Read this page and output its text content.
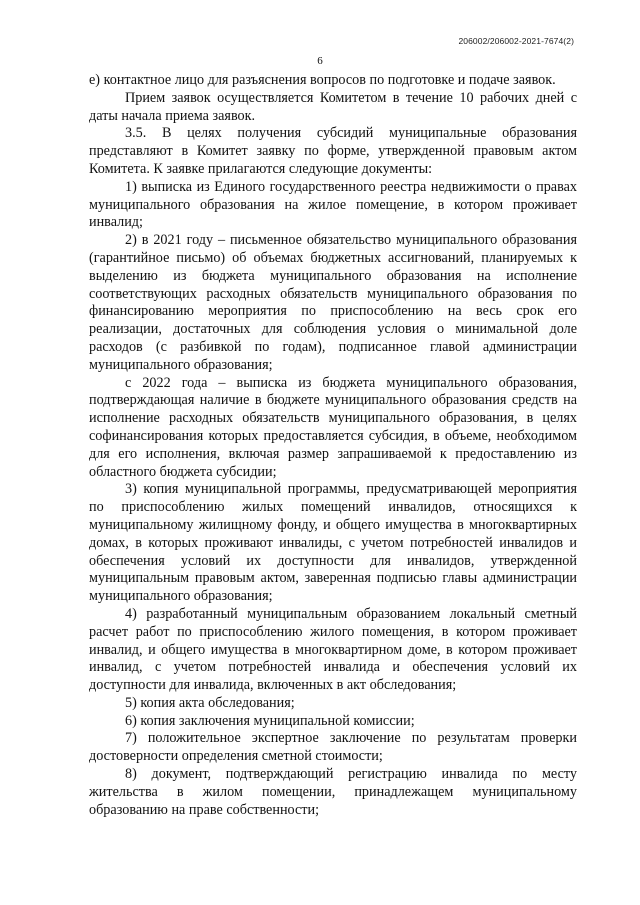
206002/206002-2021-7674(2)
6

е) контактное лицо для разъяснения вопросов по подготовке и подаче заявок.

Прием заявок осуществляется Комитетом в течение 10 рабочих дней с даты начала приема заявок.

3.5. В целях получения субсидий муниципальные образования представляют в Комитет заявку по форме, утвержденной правовым актом Комитета. К заявке прилагаются следующие документы:

1) выписка из Единого государственного реестра недвижимости о правах муниципального образования на жилое помещение, в котором проживает инвалид;

2) в 2021 году – письменное обязательство муниципального образования (гарантийное письмо) об объемах бюджетных ассигнований, планируемых к выделению из бюджета муниципального образования на исполнение соответствующих расходных обязательств муниципального образования по финансированию мероприятия по приспособлению на весь срок его реализации, достаточных для соблюдения условия о минимальной доле расходов (с разбивкой по годам), подписанное главой администрации муниципального образования;

с 2022 года – выписка из бюджета муниципального образования, подтверждающая наличие в бюджете муниципального образования средств на исполнение расходных обязательств муниципального образования, в целях софинансирования которых предоставляется субсидия, в объеме, необходимом для его исполнения, включая размер запрашиваемой к предоставлению из областного бюджета субсидии;

3) копия муниципальной программы, предусматривающей мероприятия по приспособлению жилых помещений инвалидов, относящихся к муниципальному жилищному фонду, и общего имущества в многоквартирных домах, в которых проживают инвалиды, с учетом потребностей инвалидов и обеспечения условий их доступности для инвалидов, утвержденной муниципальным правовым актом, заверенная подписью главы администрации муниципального образования;

4) разработанный муниципальным образованием локальный сметный расчет работ по приспособлению жилого помещения, в котором проживает инвалид, и общего имущества в многоквартирном доме, в котором проживает инвалид, с учетом потребностей инвалида и обеспечения условий их доступности для инвалида, включенных в акт обследования;

5) копия акта обследования;

6) копия заключения муниципальной комиссии;

7) положительное экспертное заключение по результатам проверки достоверности определения сметной стоимости;

8) документ, подтверждающий регистрацию инвалида по месту жительства в жилом помещении, принадлежащем муниципальному образованию на праве собственности;
